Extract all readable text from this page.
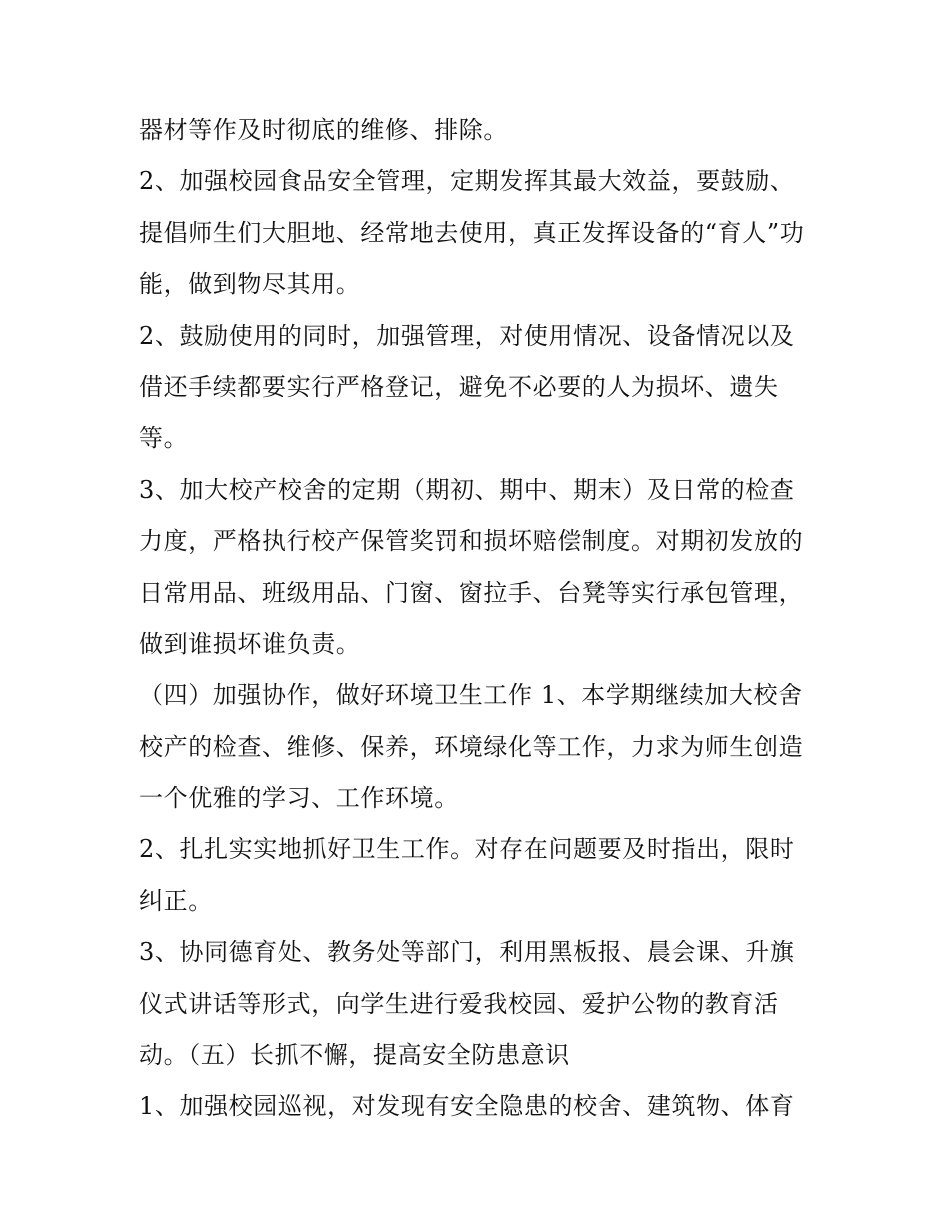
器材等作及时彻底的维修、排除。
2、加强校园食品安全管理，定期发挥其最大效益，要鼓励、
提倡师生们大胆地、经常地去使用，真正发挥设备的“育人”功
能，做到物尽其用。
2、鼓励使用的同时，加强管理，对使用情况、设备情况以及
借还手续都要实行严格登记，避免不必要的人为损坏、遗失
等。
3、加大校产校舍的定期（期初、期中、期末）及日常的检查
力度，严格执行校产保管奖罚和损坏赔偿制度。对期初发放的
日常用品、班级用品、门窗、窗拉手、台凳等实行承包管理，
做到谁损坏谁负责。
（四）加强协作，做好环境卫生工作 1、本学期继续加大校舍
校产的检查、维修、保养，环境绿化等工作，力求为师生创造
一个优雅的学习、工作环境。
2、扎扎实实地抓好卫生工作。对存在问题要及时指出，限时
纠正。
3、协同德育处、教务处等部门，利用黑板报、晨会课、升旗
仪式讲话等形式，向学生进行爱我校园、爱护公物的教育活
动。（五）长抓不懈，提高安全防患意识
1、加强校园巡视，对发现有安全隐患的校舍、建筑物、体育
